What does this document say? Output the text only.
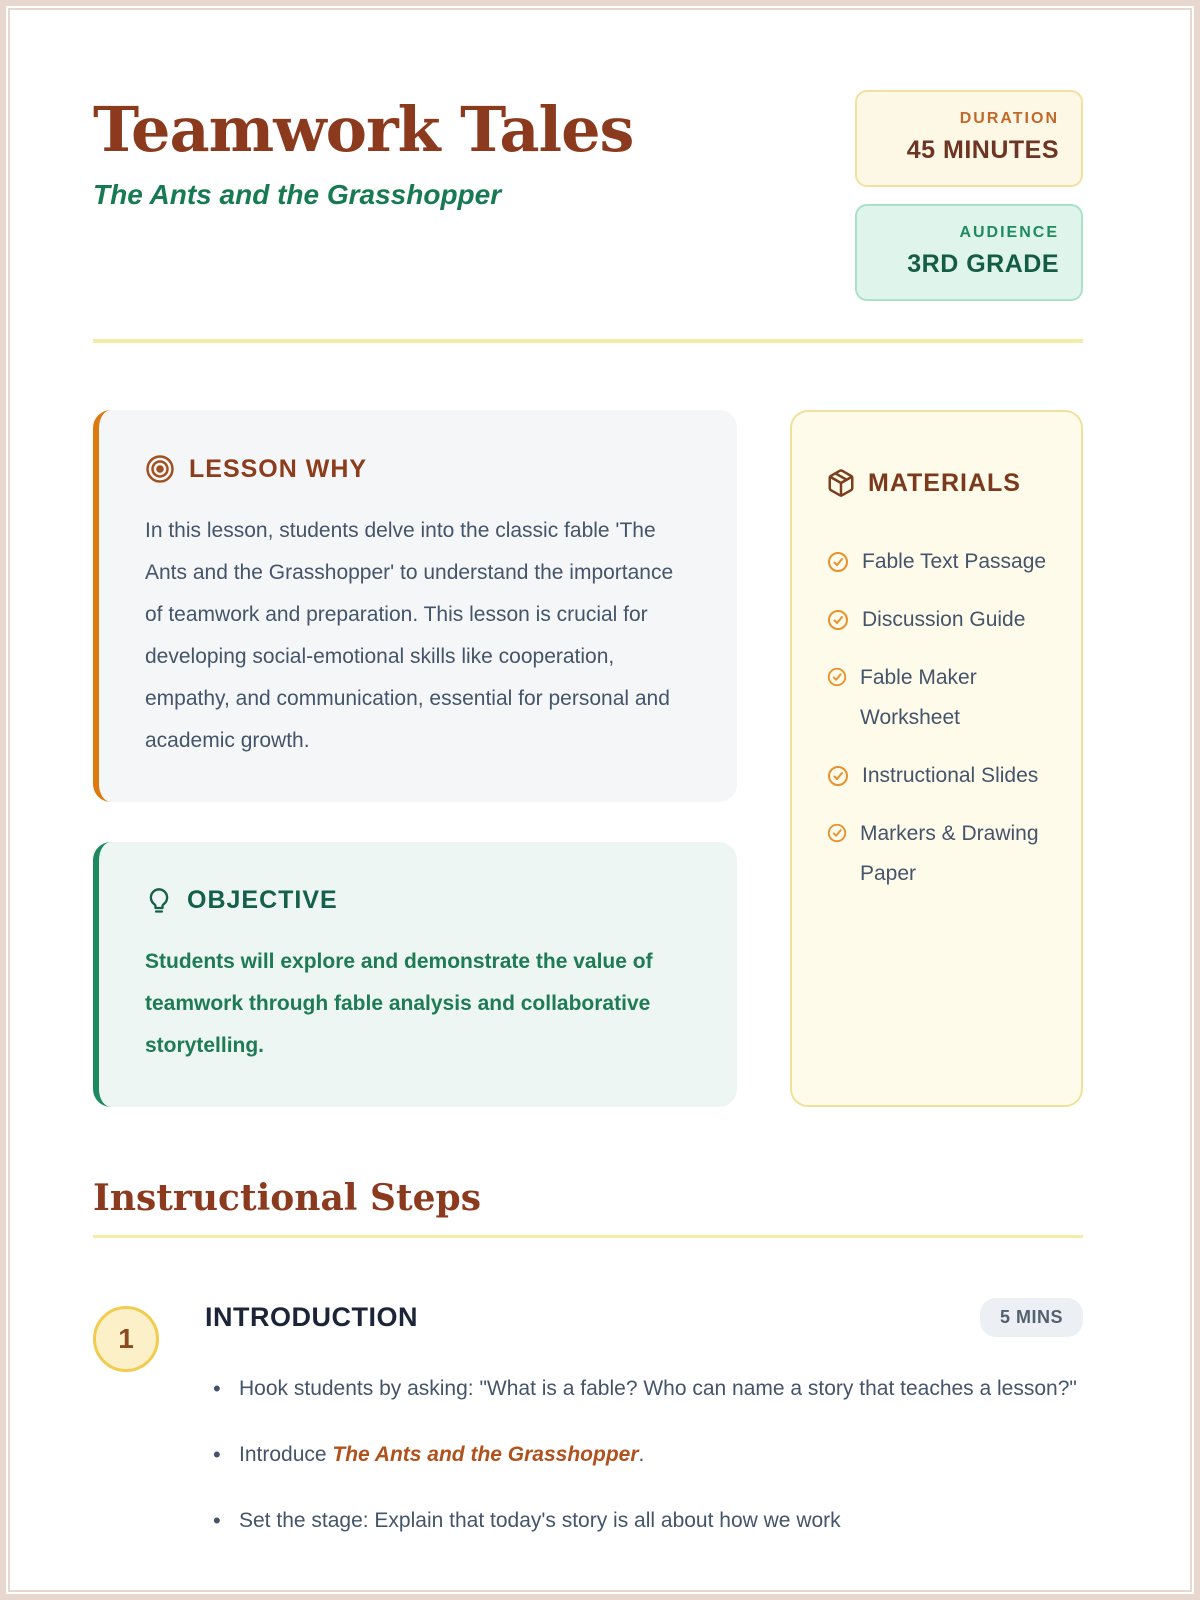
Teamwork Tales
The Ants and the Grasshopper
DURATION
45 MINUTES
AUDIENCE
3RD GRADE
LESSON WHY

In this lesson, students delve into the classic fable 'The Ants and the Grasshopper' to understand the importance of teamwork and preparation. This lesson is crucial for developing social-emotional skills like cooperation, empathy, and communication, essential for personal and academic growth.

OBJECTIVE

Students will explore and demonstrate the value of teamwork through fable analysis and collaborative storytelling.

MATERIALS
Fable Text Passage
Discussion Guide
Fable Maker Worksheet
Instructional Slides
Markers & Drawing Paper
Instructional Steps
1
INTRODUCTION	5 MINS
• Hook students by asking: "What is a fable? Who can name a story that teaches a lesson?"
• Introduce The Ants and the Grasshopper.
• Set the stage: Explain that today's story is all about how we work
